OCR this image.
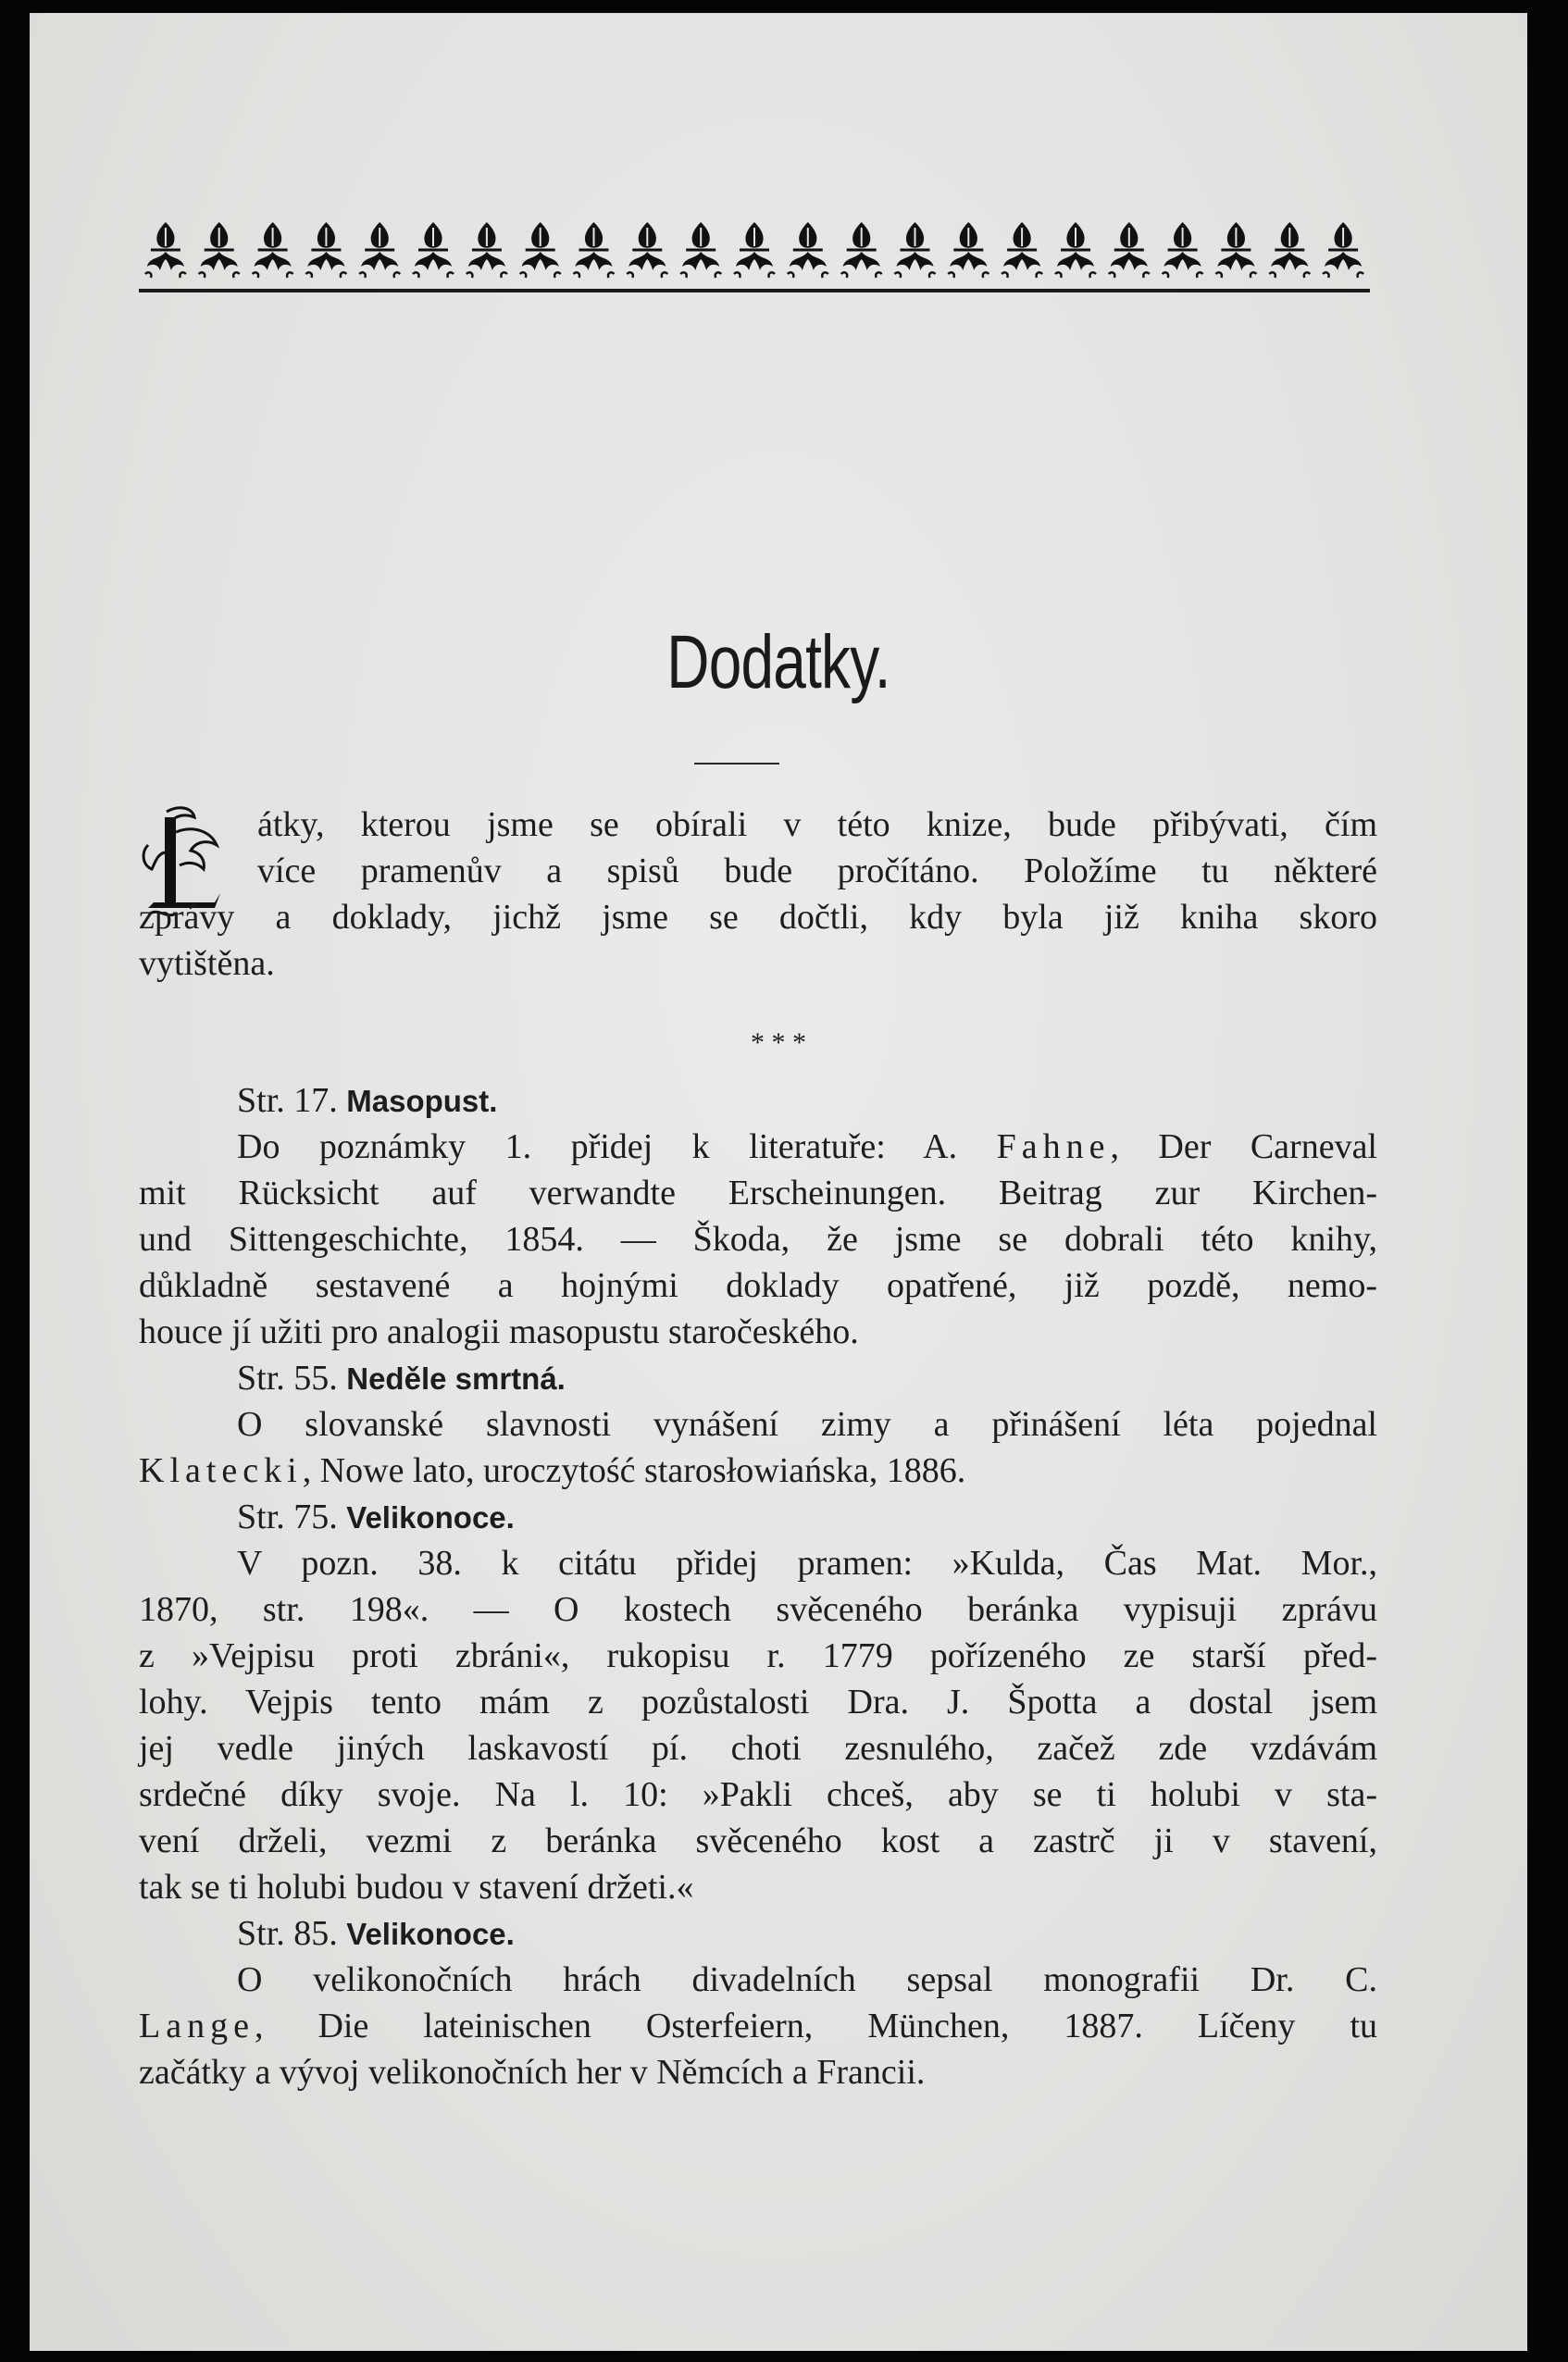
Dodatky.
átky, kterou jsme se obírali v této knize, bude přibývati, čím
více pramenův a spisů bude pročítáno. Položíme tu některé
zprávy a doklady, jichž jsme se dočtli, kdy byla již kniha skoro
vytištěna.
* * *
Str. 17. Masopust.
Do poznámky 1. přidej k literatuře: A. Fahne, Der Carneval
mit Rücksicht auf verwandte Erscheinungen. Beitrag zur Kirchen-
und Sittengeschichte, 1854. — Škoda, že jsme se dobrali této knihy,
důkladně sestavené a hojnými doklady opatřené, již pozdě, nemo-
houce jí užiti pro analogii masopustu staročeského.
Str. 55. Neděle smrtná.
O slovanské slavnosti vynášení zimy a přinášení léta pojednal
Klatecki, Nowe lato, uroczytość starosłowiańska, 1886.
Str. 75. Velikonoce.
V pozn. 38. k citátu přidej pramen: »Kulda, Čas Mat. Mor.,
1870, str. 198«. — O kostech svěceného beránka vypisuji zprávu
z »Vejpisu proti zbráni«, rukopisu r. 1779 pořízeného ze starší před-
lohy. Vejpis tento mám z pozůstalosti Dra. J. Špotta a dostal jsem
jej vedle jiných laskavostí pí. choti zesnulého, začež zde vzdávám
srdečné díky svoje. Na l. 10: »Pakli chceš, aby se ti holubi v sta-
vení drželi, vezmi z beránka svěceného kost a zastrč ji v stavení,
tak se ti holubi budou v stavení držeti.«
Str. 85. Velikonoce.
O velikonočních hrách divadelních sepsal monografii Dr. C.
Lange, Die lateinischen Osterfeiern, München, 1887. Líčeny tu
začátky a vývoj velikonočních her v Němcích a Francii.
